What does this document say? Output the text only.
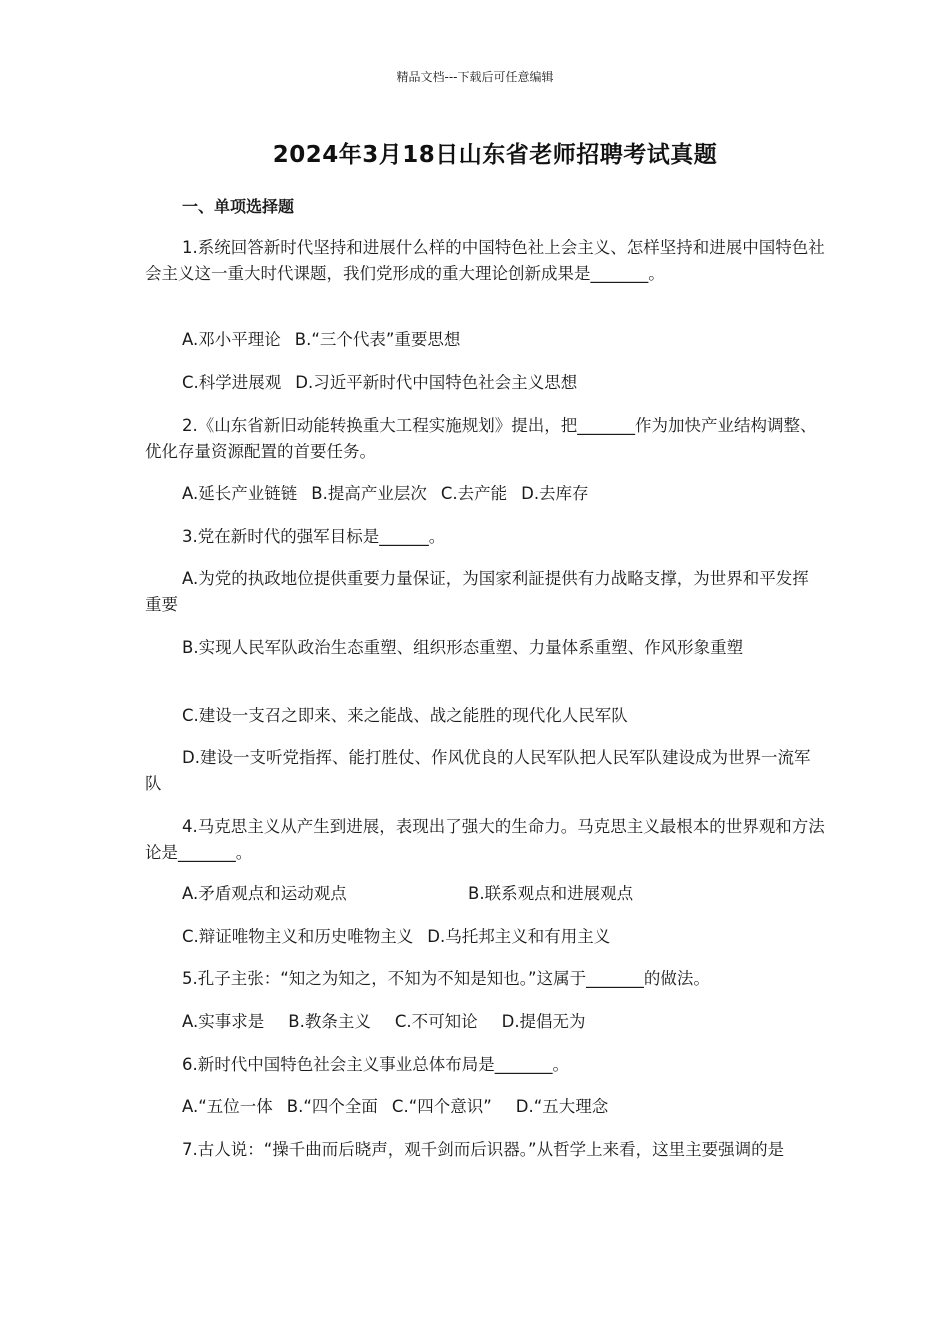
精品文档---下载后可任意编辑
2024年3月18日山东省老师招聘考试真题
一、单项选择题
1.系统回答新时代坚持和进展什么样的中国特色社上会主义、怎样坚持和进展中国特色社会主义这一重大时代课题，我们党形成的重大理论创新成果是_______。
A.邓小平理论 B.“三个代表”重要思想
C.科学进展观 D.习近平新时代中国特色社会主义思想
2.《山东省新旧动能转换重大工程实施规划》提出，把_______作为加快产业结构调整、优化存量资源配置的首要任务。
A.延长产业链链 B.提高产业层次 C.去产能 D.去库存
3.党在新时代的强军目标是______。
A.为党的执政地位提供重要力量保证，为国家利証提供有力战略支撑，为世界和平发挥重要
B.实现人民军队政治生态重塑、组织形态重塑、力量体系重塑、作风形象重塑
C.建设一支召之即来、来之能战、战之能胜的现代化人民军队
D.建设一支听党指挥、能打胜仗、作风优良的人民军队把人民军队建设成为世界一流军队
4.马克思主义从产生到进展，表现出了强大的生命力。马克思主义最根本的世界观和方法论是_______。
A.矛盾观点和运动观点	B.联系观点和进展观点
C.辩证唯物主义和历史唯物主义 D.乌托邦主义和有用主义
5.孔子主张：“知之为知之，不知为不知是知也。”这属于_______的做法。
A.实事求是 B.教条主义 C.不可知论 D.提倡无为
6.新时代中国特色社会主义事业总体布局是_______。
A.“五位一体 B.“四个全面 C.“四个意识” D.“五大理念
7.古人说：“操千曲而后晓声，观千剑而后识器。”从哲学上来看，这里主要强调的是
